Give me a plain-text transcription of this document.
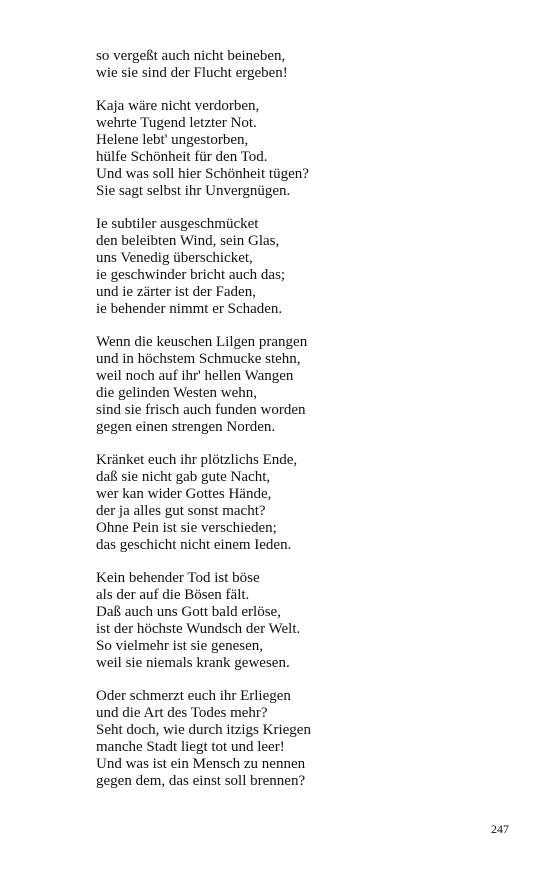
so vergeßt auch nicht beineben,
wie sie sind der Flucht ergeben!
Kaja wäre nicht verdorben,
wehrte Tugend letzter Not.
Helene lebt' ungestorben,
hülfe Schönheit für den Tod.
Und was soll hier Schönheit tügen?
Sie sagt selbst ihr Unvergnügen.
Ie subtiler ausgeschmücket
den beleibten Wind, sein Glas,
uns Venedig überschicket,
ie geschwinder bricht auch das;
und ie zärter ist der Faden,
ie behender nimmt er Schaden.
Wenn die keuschen Lilgen prangen
und in höchstem Schmucke stehn,
weil noch auf ihr' hellen Wangen
die gelinden Westen wehn,
sind sie frisch auch funden worden
gegen einen strengen Norden.
Kränket euch ihr plötzlichs Ende,
daß sie nicht gab gute Nacht,
wer kan wider Gottes Hände,
der ja alles gut sonst macht?
Ohne Pein ist sie verschieden;
das geschicht nicht einem Ieden.
Kein behender Tod ist böse
als der auf die Bösen fält.
Daß auch uns Gott bald erlöse,
ist der höchste Wundsch der Welt.
So vielmehr ist sie genesen,
weil sie niemals krank gewesen.
Oder schmerzt euch ihr Erliegen
und die Art des Todes mehr?
Seht doch, wie durch itzigs Kriegen
manche Stadt liegt tot und leer!
Und was ist ein Mensch zu nennen
gegen dem, das einst soll brennen?
247
